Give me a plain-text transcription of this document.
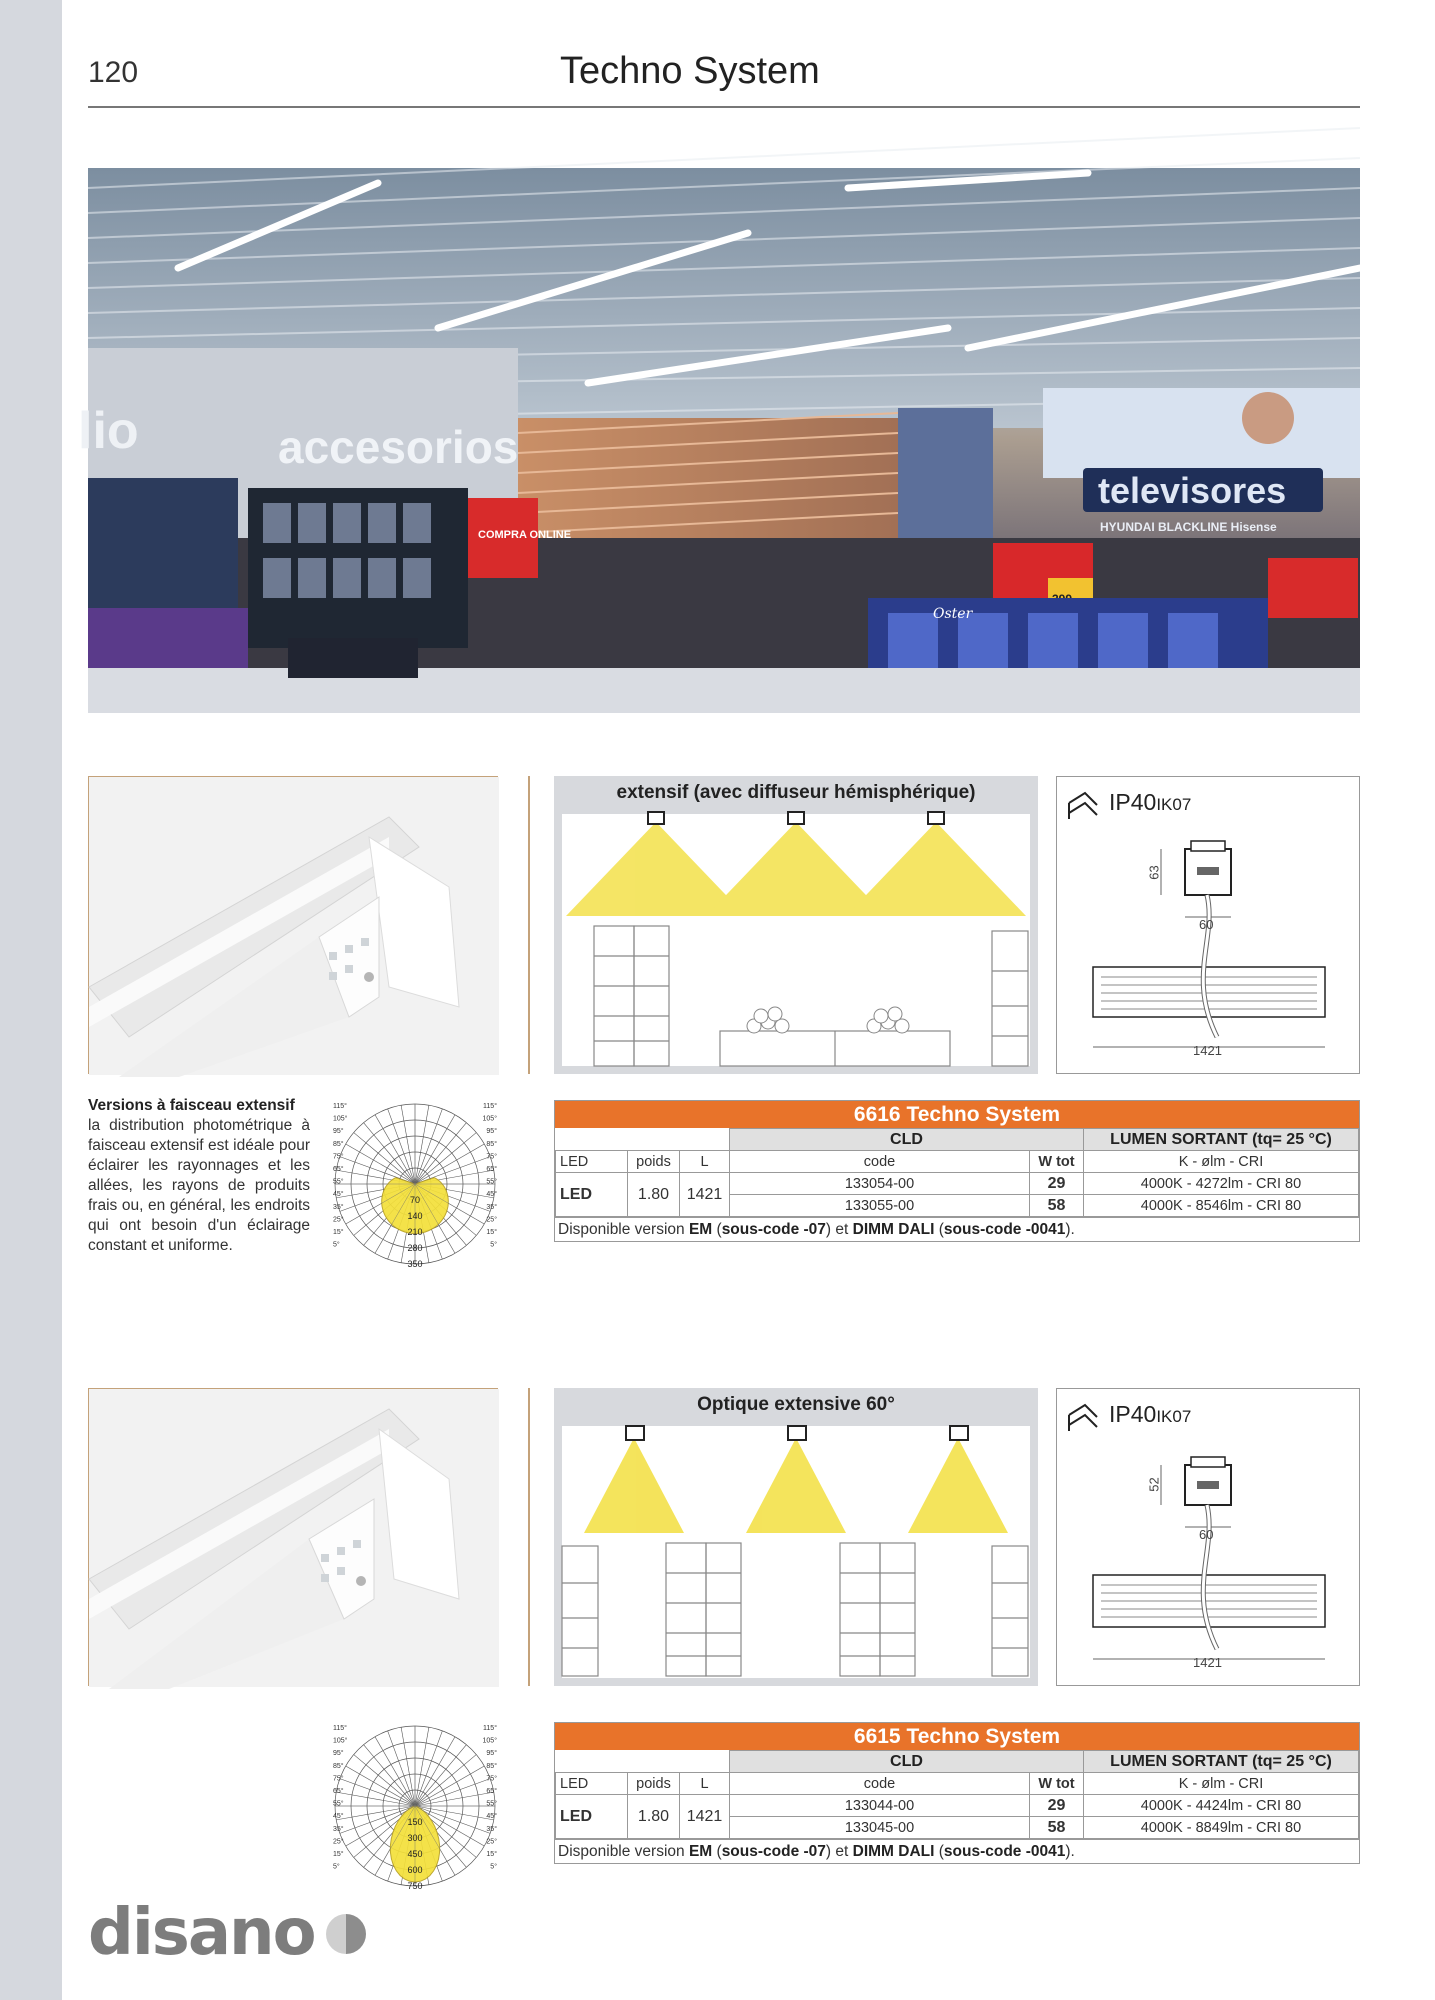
120	Techno System
lio	accesorios
televisores
HYUNDAI BLACKLINE Hisense
COMPRA ONLINE
Oster
extensif (avec diffuseur hémisphérique)	IP40IK07
63
60
1421
Versions à faisceau extensif
la distribution photométrique à faisceau extensif est idéale pour éclairer les rayonnages et les allées, les rayons de produits frais ou, en général, les endroits qui ont besoin d'un éclairage constant et uniforme.
70
140
210
280
350
115°
105°
95°
85°
75°
65°
55°
45°
35°
25°
15°
5°
115°
105°
95°
85°
75°
65°
55°
45°
35°
25°
15°
5°
6616 Techno System
			CLD		LUMEN SORTANT (tq= 25 °C)
LED	poids	L	code	W tot	K - ølm - CRI
LED	1.80	1421	133054-00	29	4000K - 4272lm - CRI 80
			133055-00	58	4000K - 8546lm - CRI 80
Disponible version EM (sous-code -07) et DIMM DALI (sous-code -0041).
Optique extensive 60°	IP40IK07
52
60
1421
150
300
450
600
750
115°
105°
95°
85°
75°
65°
55°
45°
35°
25°
15°
5°
115°
105°
95°
85°
75°
65°
55°
45°
35°
25°
15°
5°
6615 Techno System
			CLD		LUMEN SORTANT (tq= 25 °C)
LED	poids	L	code	W tot	K - ølm - CRI
LED	1.80	1421	133044-00	29	4000K - 4424lm - CRI 80
			133045-00	58	4000K - 8849lm - CRI 80
Disponible version EM (sous-code -07) et DIMM DALI (sous-code -0041).
disano
